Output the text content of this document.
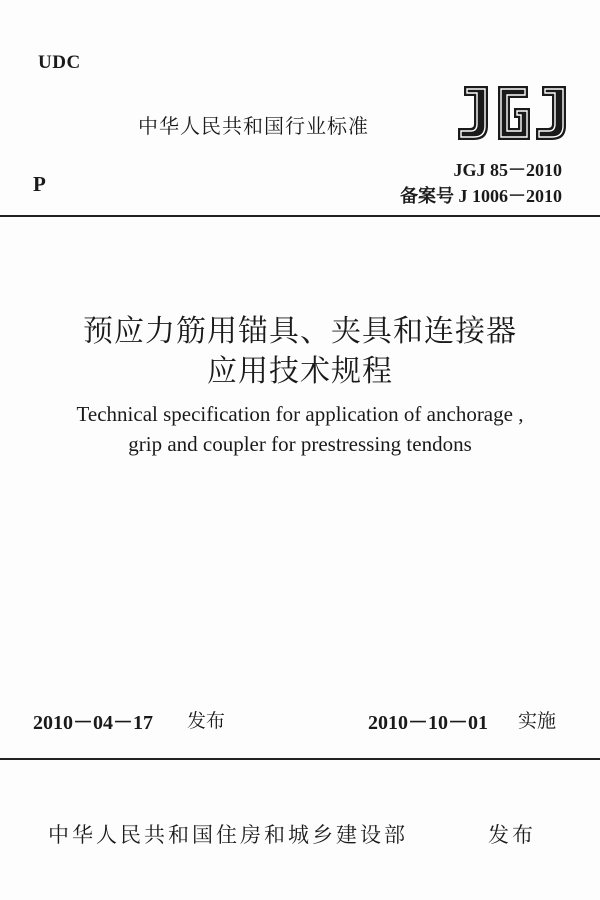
UDC
中华人民共和国行业标准
P
JGJ 85－2010
备案号 J 1006－2010
预应力筋用锚具、夹具和连接器
应用技术规程
Technical specification for application of anchorage ,
grip and coupler for prestressing tendons
2010－04－17 发布	2010－10－01 实施
中华人民共和国住房和城乡建设部	发布
